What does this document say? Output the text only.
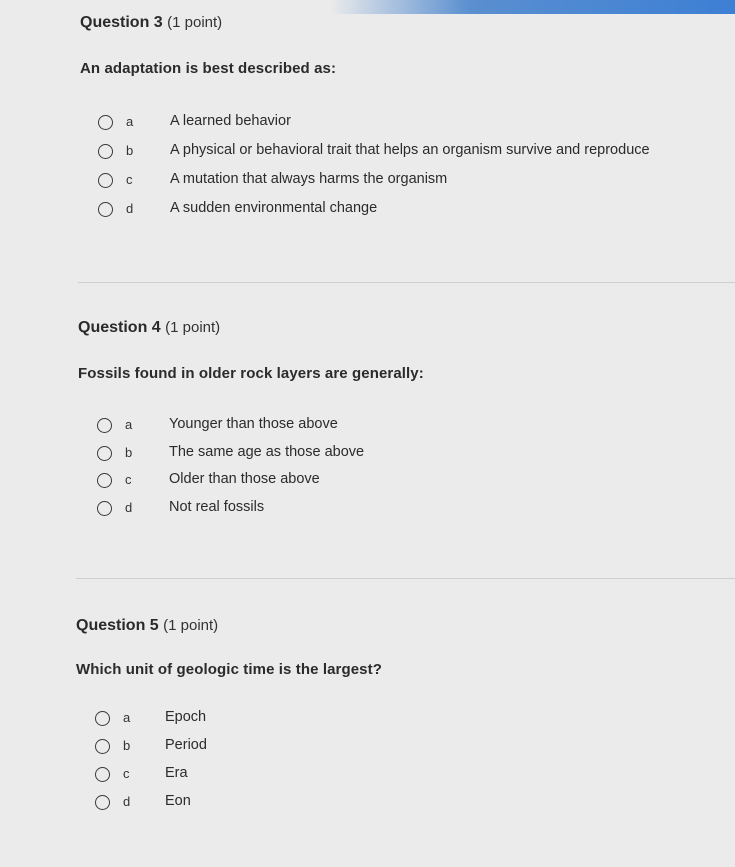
Question 3 (1 point)
An adaptation is best described as:
a	A learned behavior
b	A physical or behavioral trait that helps an organism survive and reproduce
c	A mutation that always harms the organism
d	A sudden environmental change
Question 4 (1 point)
Fossils found in older rock layers are generally:
a	Younger than those above
b	The same age as those above
c	Older than those above
d	Not real fossils
Question 5 (1 point)
Which unit of geologic time is the largest?
a Epoch
b Period
c Era
d Eon
